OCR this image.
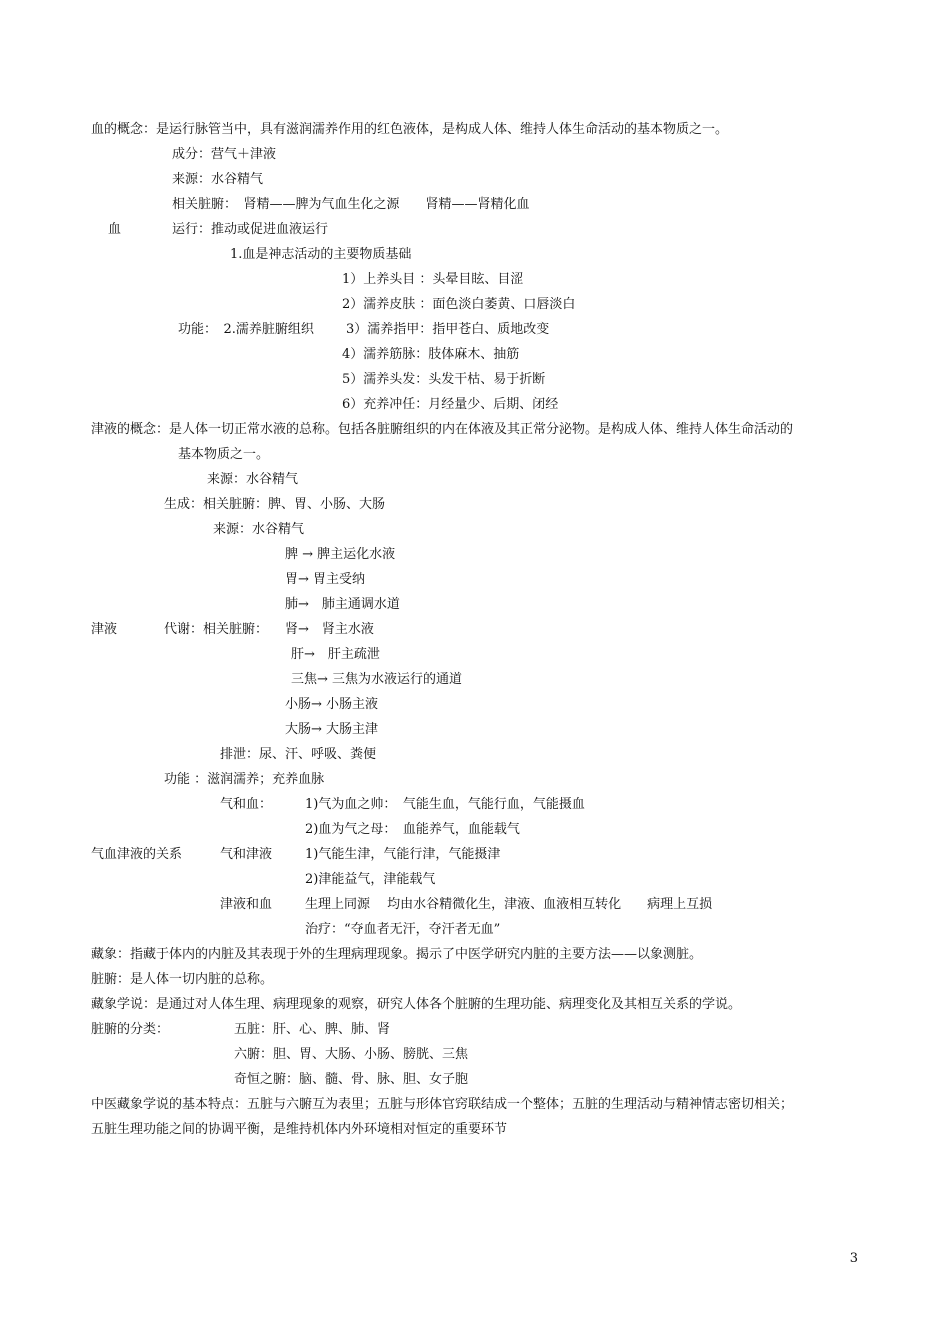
血的概念：是运行脉管当中，具有滋润濡养作用的红色液体，是构成人体、维持人体生命活动的基本物质之一。
成分：营气＋津液
来源：水谷精气
相关脏腑：　肾精——脾为气血生化之源　　肾精——肾精化血
血	运行：推动或促进血液运行
1.血是神志活动的主要物质基础
1）上养头目 ：头晕目眩、目涩
2）濡养皮肤 ：面色淡白萎黄、口唇淡白
功能：　2.濡养脏腑组织 3）濡养指甲：指甲苍白、质地改变
4）濡养筋脉：肢体麻木、抽筋
5）濡养头发：头发干枯、易于折断
6）充养冲任：月经量少、后期、闭经
津液的概念：是人体一切正常水液的总称。包括各脏腑组织的内在体液及其正常分泌物。是构成人体、维持人体生命活动的
基本物质之一。
来源：水谷精气
生成：相关脏腑：脾、胃、小肠、大肠
来源：水谷精气
脾 → 脾主运化水液
胃→ 胃主受纳
肺→　肺主通调水道
津液	代谢：相关脏腑： 肾→　肾主水液
肝→　肝主疏泄
三焦→ 三焦为水液运行的通道
小肠→ 小肠主液
大肠→ 大肠主津
排泄：尿、汗、呼吸、粪便
功能 ：滋润濡养；充养血脉
气和血：	1)气为血之帅：　气能生血，气能行血，气能摄血
2)血为气之母：　血能养气，血能载气
气血津液的关系	气和津液	1)气能生津，气能行津，气能摄津
2)津能益气，津能载气
津液和血	生理上同源　 均由水谷精微化生，津液、血液相互转化　　病理上互损
治疗：“夺血者无汗，夺汗者无血”
藏象：指藏于体内的内脏及其表现于外的生理病理现象。揭示了中医学研究内脏的主要方法——以象测脏。
脏腑：是人体一切内脏的总称。
藏象学说：是通过对人体生理、病理现象的观察，研究人体各个脏腑的生理功能、病理变化及其相互关系的学说。
脏腑的分类：	五脏：肝、心、脾、肺、肾
六腑：胆、胃、大肠、小肠、膀胱、三焦
奇恒之腑：脑、髓、骨、脉、胆、女子胞
中医藏象学说的基本特点：五脏与六腑互为表里；五脏与形体官窍联结成一个整体；五脏的生理活动与精神情志密切相关；
五脏生理功能之间的协调平衡，是维持机体内外环境相对恒定的重要环节
3
